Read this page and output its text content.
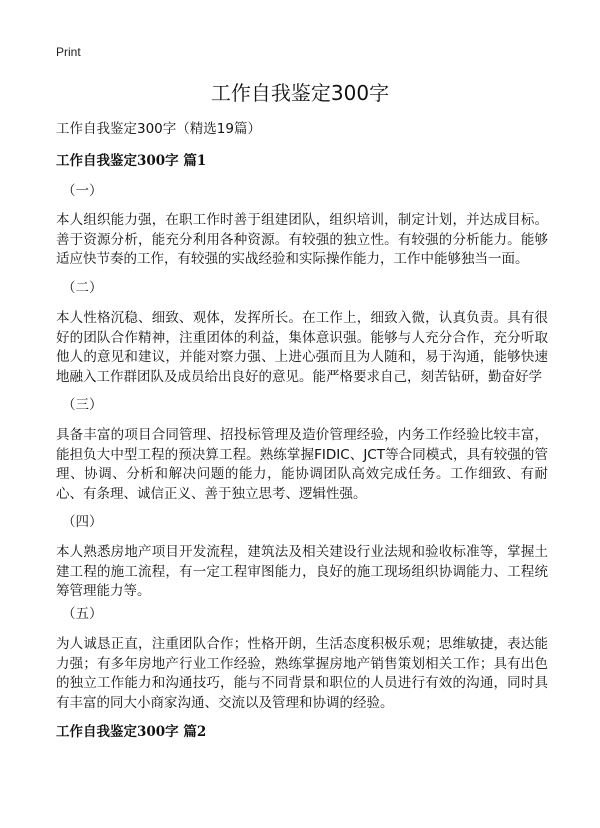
Print
工作自我鉴定300字
工作自我鉴定300字（精选19篇）
工作自我鉴定300字 篇1
（一）
本人组织能力强，在职工作时善于组建团队，组织培训，制定计划，并达成目标。善于资源分析，能充分利用各种资源。有较强的独立性。有较强的分析能力。能够适应快节奏的工作，有较强的实战经验和实际操作能力，工作中能够独当一面。
（二）
本人性格沉稳、细致、观体，发挥所长。在工作上，细致入微，认真负责。具有很好的团队合作精神，注重团体的利益，集体意识强。能够与人充分合作，充分听取他人的意见和建议，并能对察力强、上进心强而且为人随和，易于沟通，能够快速地融入工作群团队及成员给出良好的意见。能严格要求自己，刻苦钻研，勤奋好学
（三）
具备丰富的项目合同管理、招投标管理及造价管理经验，内务工作经验比较丰富，能担负大中型工程的预决算工程。熟练掌握FIDIC、JCT等合同模式，具有较强的管理、协调、分析和解决问题的能力，能协调团队高效完成任务。工作细致、有耐心、有条理、诚信正义、善于独立思考、逻辑性强。
（四）
本人熟悉房地产项目开发流程，建筑法及相关建设行业法规和验收标准等，掌握土建工程的施工流程，有一定工程审图能力，良好的施工现场组织协调能力、工程统筹管理能力等。
（五）
为人诚恳正直，注重团队合作；性格开朗，生活态度积极乐观；思维敏捷，表达能力强；有多年房地产行业工作经验，熟练掌握房地产销售策划相关工作；具有出色的独立工作能力和沟通技巧，能与不同背景和职位的人员进行有效的沟通，同时具有丰富的同大小商家沟通、交流以及管理和协调的经验。
工作自我鉴定300字 篇2
